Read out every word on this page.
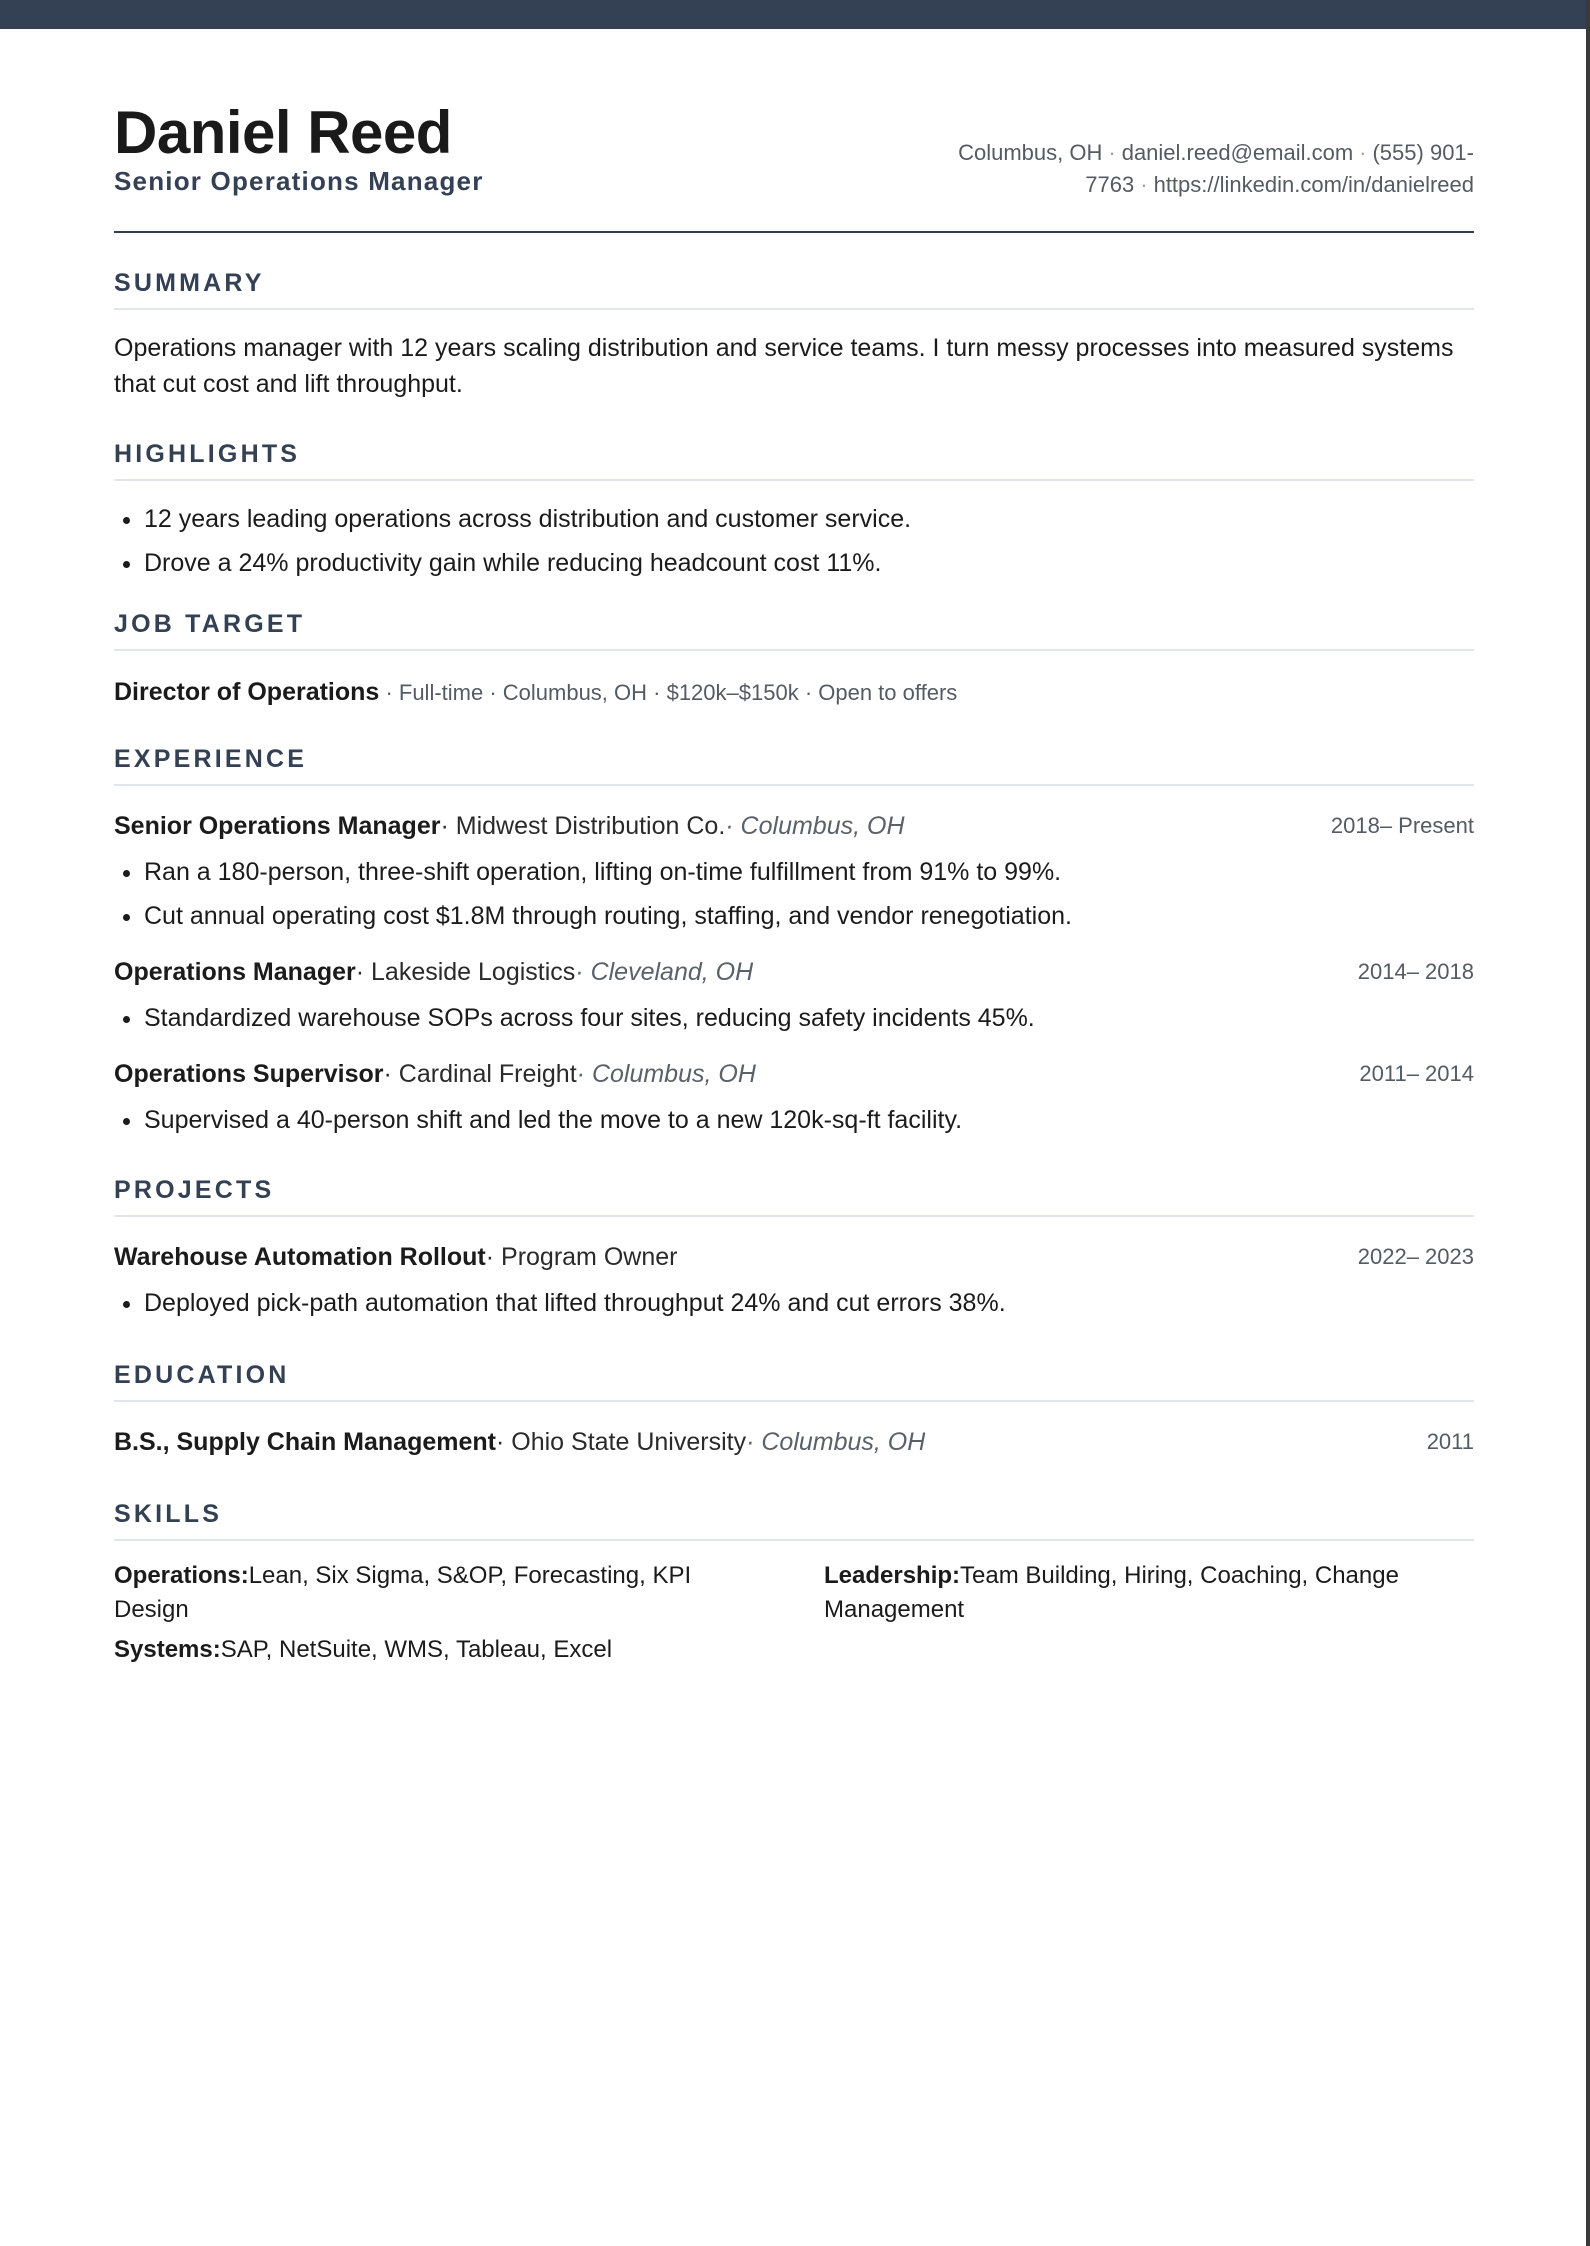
Daniel Reed
Senior Operations Manager
Columbus, OH · daniel.reed@email.com · (555) 901-7763 · https://linkedin.com/in/danielreed
SUMMARY
Operations manager with 12 years scaling distribution and service teams. I turn messy processes into measured systems that cut cost and lift throughput.
HIGHLIGHTS
• 12 years leading operations across distribution and customer service.
• Drove a 24% productivity gain while reducing headcount cost 11%.
JOB TARGET
Director of Operations · Full-time · Columbus, OH · $120k–$150k · Open to offers
EXPERIENCE
Senior Operations Manager· Midwest Distribution Co.· Columbus, OH	2018– Present
• Ran a 180-person, three-shift operation, lifting on-time fulfillment from 91% to 99%.
• Cut annual operating cost $1.8M through routing, staffing, and vendor renegotiation.
Operations Manager· Lakeside Logistics· Cleveland, OH	2014– 2018
• Standardized warehouse SOPs across four sites, reducing safety incidents 45%.
Operations Supervisor· Cardinal Freight· Columbus, OH	2011– 2014
• Supervised a 40-person shift and led the move to a new 120k-sq-ft facility.
PROJECTS
Warehouse Automation Rollout· Program Owner	2022– 2023
• Deployed pick-path automation that lifted throughput 24% and cut errors 38%.
EDUCATION
B.S., Supply Chain Management· Ohio State University· Columbus, OH	2011
SKILLS
Operations:Lean, Six Sigma, S&OP, Forecasting, KPI Design
Leadership:Team Building, Hiring, Coaching, Change Management
Systems:SAP, NetSuite, WMS, Tableau, Excel
